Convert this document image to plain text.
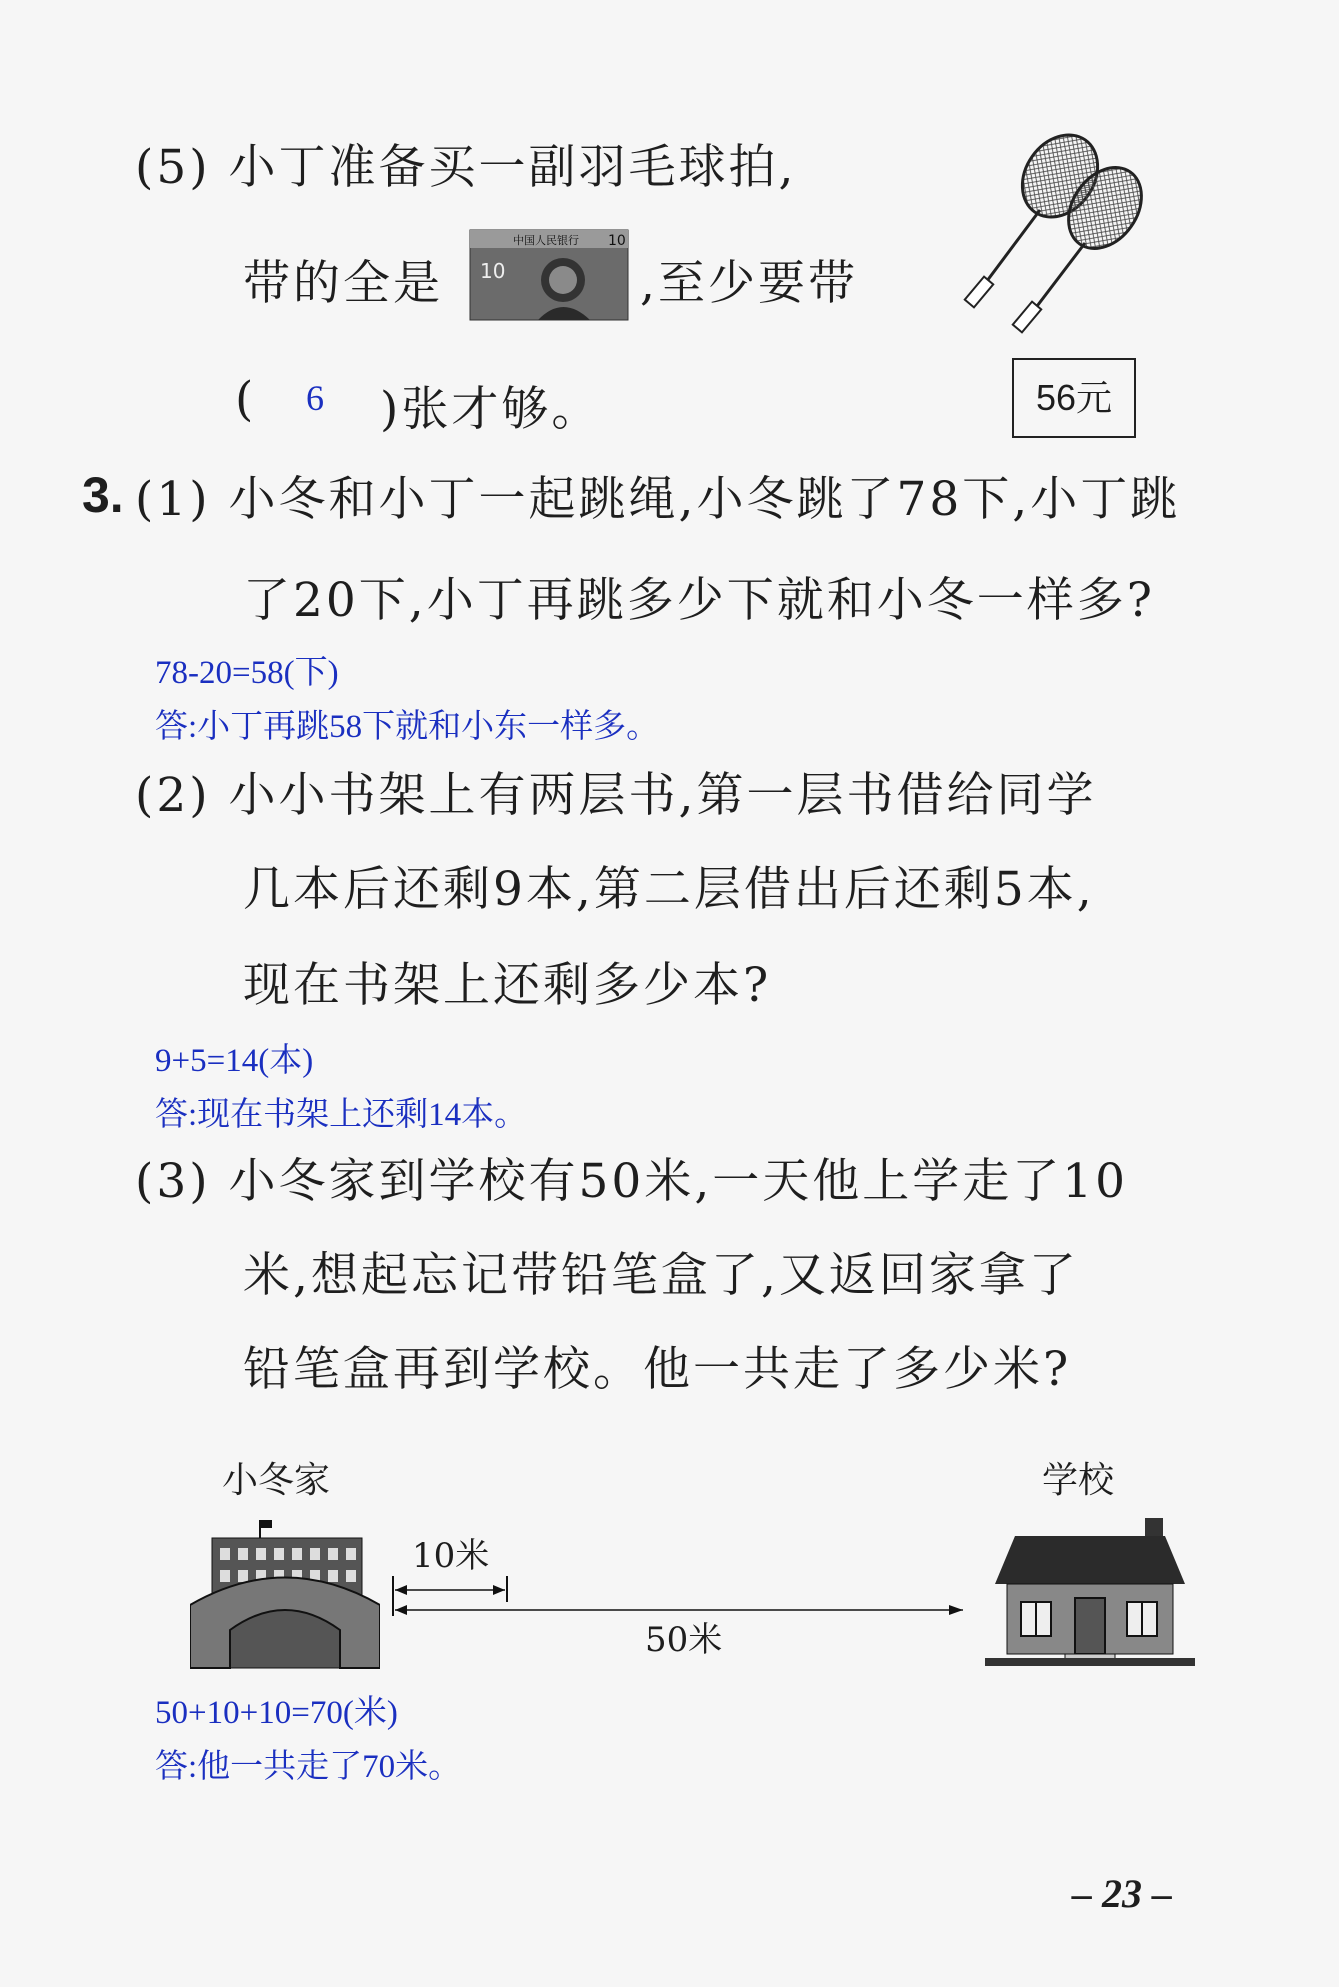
(5) 小丁准备买一副羽毛球拍,
带的全是
中国人民银行 10
10	,至少要带
( 6 )张才够。	56元
3. (1) 小冬和小丁一起跳绳,小冬跳了78下,小丁跳
了20下,小丁再跳多少下就和小冬一样多?
78-20=58(下)
答:小丁再跳58下就和小东一样多。
(2) 小小书架上有两层书,第一层书借给同学
几本后还剩9本,第二层借出后还剩5本,
现在书架上还剩多少本?
9+5=14(本)
答:现在书架上还剩14本。
(3) 小冬家到学校有50米,一天他上学走了10
米,想起忘记带铅笔盒了,又返回家拿了
铅笔盒再到学校。他一共走了多少米?
小冬家	学校
10米
50米
50+10+10=70(米)
答:他一共走了70米。
– 23 –
